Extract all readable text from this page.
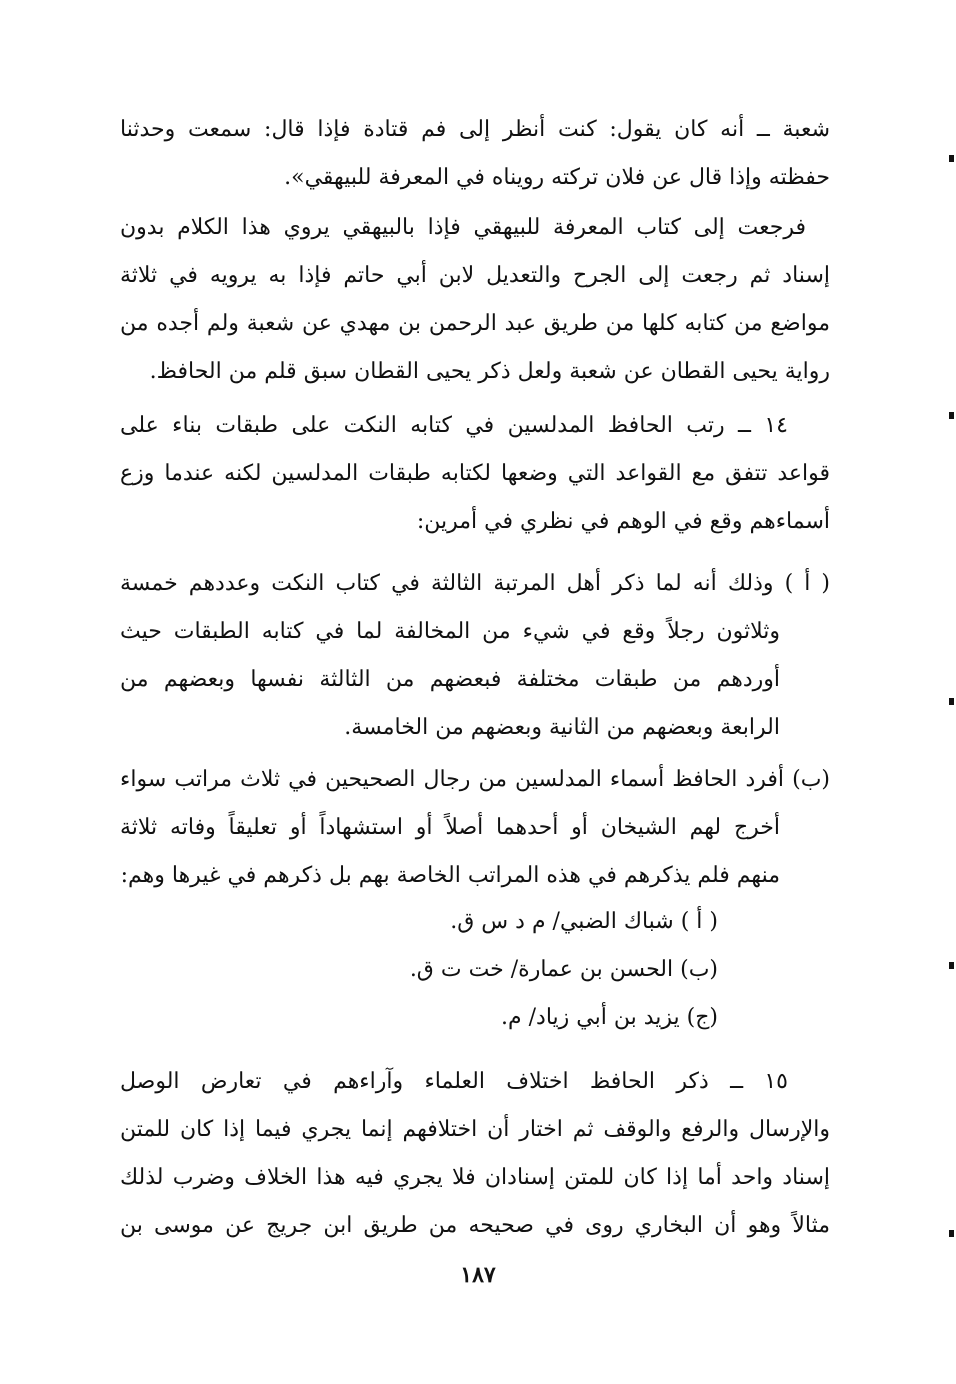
شعبة ــ أنه كان يقول: كنت أنظر إلى فم قتادة فإذا قال: سمعت وحدثنا
حفظته وإذا قال عن فلان تركته رويناه في المعرفة للبيهقي».
فرجعت إلى كتاب المعرفة للبيهقي فإذا بالبيهقي يروي هذا الكلام بدون
إسناد ثم رجعت إلى الجرح والتعديل لابن أبي حاتم فإذا به يرويه في ثلاثة
مواضع من كتابه كلها من طريق عبد الرحمن بن مهدي عن شعبة ولم أجده من
رواية يحيى القطان عن شعبة ولعل ذكر يحيى القطان سبق قلم من الحافظ.
١٤ ــ رتب الحافظ المدلسين في كتابه النكت على طبقات بناء على
قواعد تتفق مع القواعد التي وضعها لكتابه طبقات المدلسين لكنه عندما وزع
أسماءهم وقع في الوهم في نظري في أمرين:
( أ ) وذلك أنه لما ذكر أهل المرتبة الثالثة في كتاب النكت وعددهم خمسة
وثلاثون رجلاً وقع في شيء من المخالفة لما في كتابه الطبقات حيث
أوردهم من طبقات مختلفة فبعضهم من الثالثة نفسها وبعضهم من
الرابعة وبعضهم من الثانية وبعضهم من الخامسة.
(ب) أفرد الحافظ أسماء المدلسين من رجال الصحيحين في ثلاث مراتب سواء
أخرج لهم الشيخان أو أحدهما أصلاً أو استشهاداً أو تعليقاً وفاته ثلاثة
منهم فلم يذكرهم في هذه المراتب الخاصة بهم بل ذكرهم في غيرها وهم:
( أ ) شباك الضبي/ م د س ق.
(ب) الحسن بن عمارة/ خت ت ق.
(ج) يزيد بن أبي زياد/ م.
١٥ ــ ذكر الحافظ اختلاف العلماء وآراءهم في تعارض الوصل
والإرسال والرفع والوقف ثم اختار أن اختلافهم إنما يجري فيما إذا كان للمتن
إسناد واحد أما إذا كان للمتن إسنادان فلا يجري فيه هذا الخلاف وضرب لذلك
مثالاً وهو أن البخاري روى في صحيحه من طريق ابن جريج عن موسى بن
١٨٧
